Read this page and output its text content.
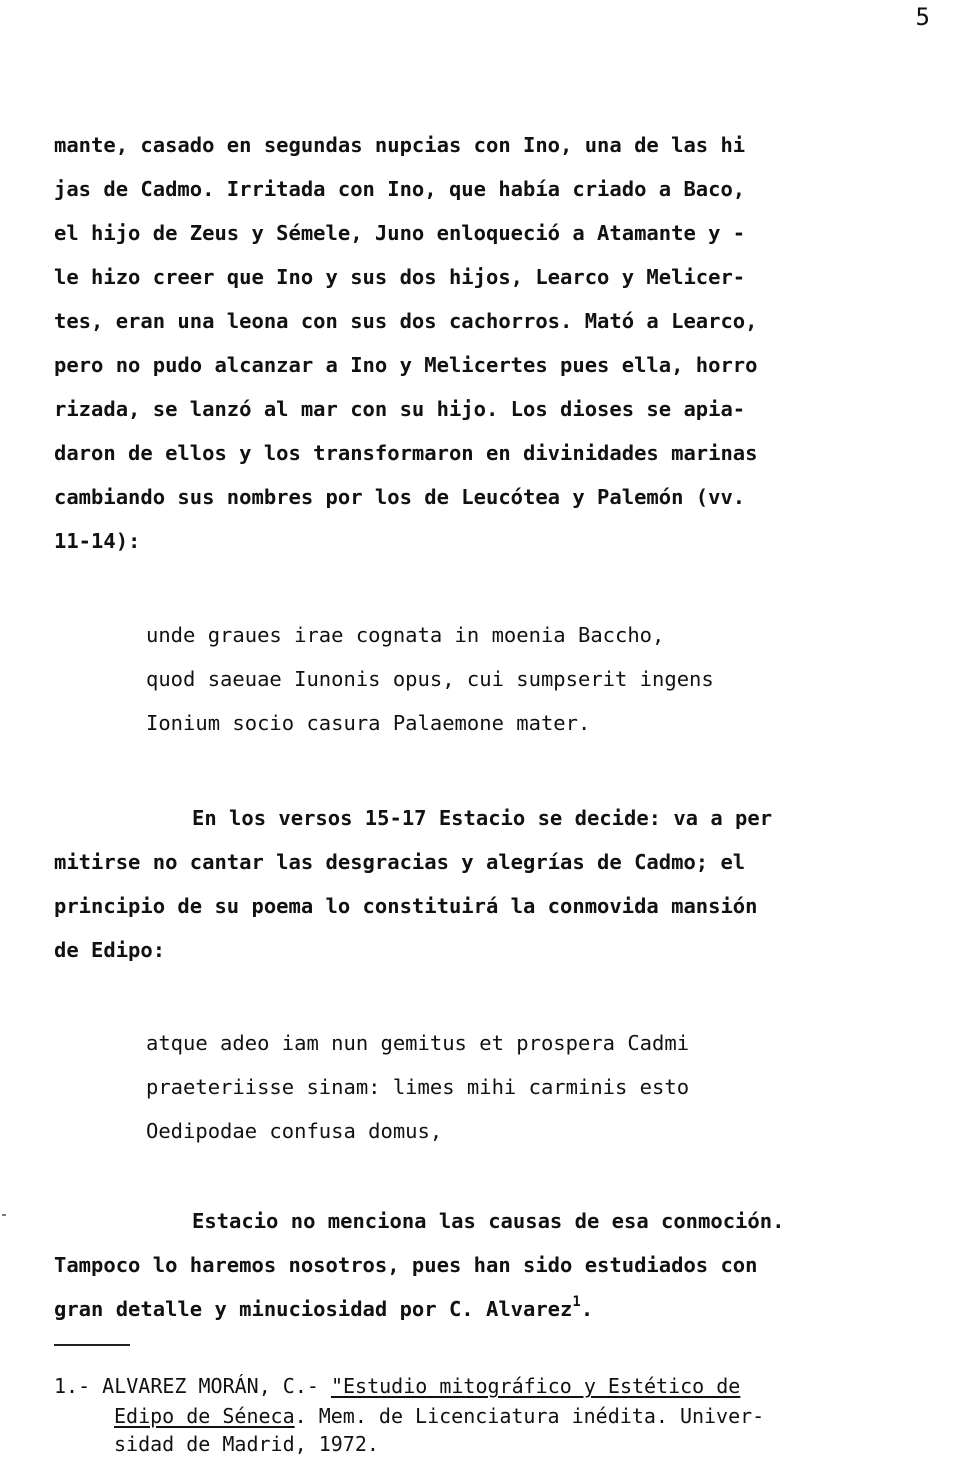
5
mante, casado en segundas nupcias con Ino, una de las hi
jas de Cadmo. Irritada con Ino, que había criado a Baco,
el hijo de Zeus y Sémele, Juno enloqueció a Atamante y -
le hizo creer que Ino y sus dos hijos, Learco y Melicer-
tes, eran una leona con sus dos cachorros. Mató a Learco,
pero no pudo alcanzar a Ino y Melicertes pues ella, horro
rizada, se lanzó al mar con su hijo. Los dioses se apia-
daron de ellos y los transformaron en divinidades marinas
cambiando sus nombres por los de Leucótea y Palemón (vv.
11-14):
unde graues irae cognata in moenia Baccho,
quod saeuae Iunonis opus, cui sumpserit ingens
Ionium socio casura Palaemone mater.
En los versos 15-17 Estacio se decide: va a per
mitirse no cantar las desgracias y alegrías de Cadmo; el
principio de su poema lo constituirá la conmovida mansión
de Edipo:
atque adeo iam nun gemitus et prospera Cadmi
praeteriisse sinam: limes mihi carminis esto
Oedipodae confusa domus,
Estacio no menciona las causas de esa conmoción.
Tampoco lo haremos nosotros, pues han sido estudiados con
gran detalle y minuciosidad por C. Alvarez$^1$.
1.- ALVAREZ MORÁN, C.- "Estudio mitográfico y Estético de
Edipo de Séneca. Mem. de Licenciatura inédita. Univer-
sidad de Madrid, 1972.
